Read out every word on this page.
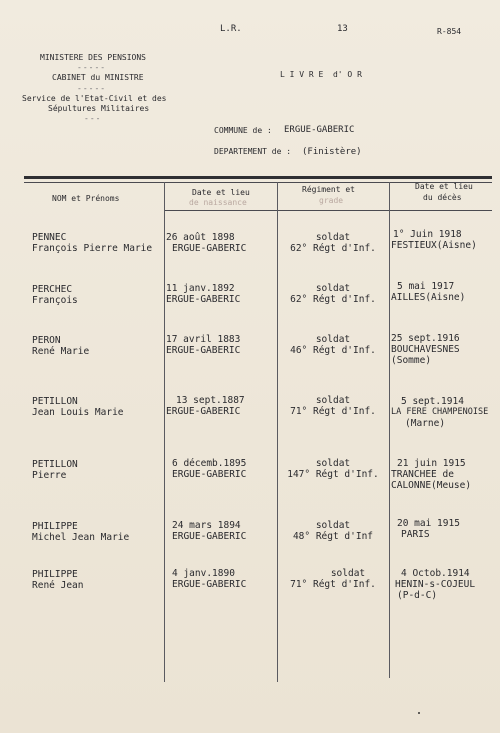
L.R.	13	R-854
MINISTERE DES PENSIONS
-----
CABINET du MINISTRE
-----
Service de l'Etat-Civil et des
Sépultures Militaires
---
L I V R E  d' O R
COMMUNE de : ERGUE-GABERIC
DEPARTEMENT de : (Finistère)
NOM et Prénoms
Date et lieu
de naissance
Régiment et
grade
Date et lieu
du décès
PENNEC
François Pierre Marie
26 août 1898
ERGUE-GABERIC
soldat
62° Régt d'Inf.
1° Juin 1918
FESTIEUX(Aisne)
PERCHEC
François
11 janv.1892
ERGUE-GABERIC
soldat
62° Régt d'Inf.
5 mai 1917
AILLES(Aisne)
PERON
René Marie
17 avril 1883
ERGUE-GABERIC
soldat
46° Régt d'Inf.
25 sept.1916
BOUCHAVESNES
(Somme)
PETILLON
Jean Louis Marie
13 sept.1887
ERGUE-GABERIC
soldat
71° Régt d'Inf.
5 sept.1914
LA FERE CHAMPENOISE
(Marne)
PETILLON
Pierre
6 décemb.1895
ERGUE-GABERIC
soldat
147° Régt d'Inf.
21 juin 1915
TRANCHEE de
CALONNE(Meuse)
PHILIPPE
Michel Jean Marie
24 mars 1894
ERGUE-GABERIC
soldat
48° Régt d'Inf
20 mai 1915
PARIS
PHILIPPE
René Jean
4 janv.1890
ERGUE-GABERIC
soldat
71° Régt d'Inf.
4 Octob.1914
HENIN-s-COJEUL
(P-d-C)
